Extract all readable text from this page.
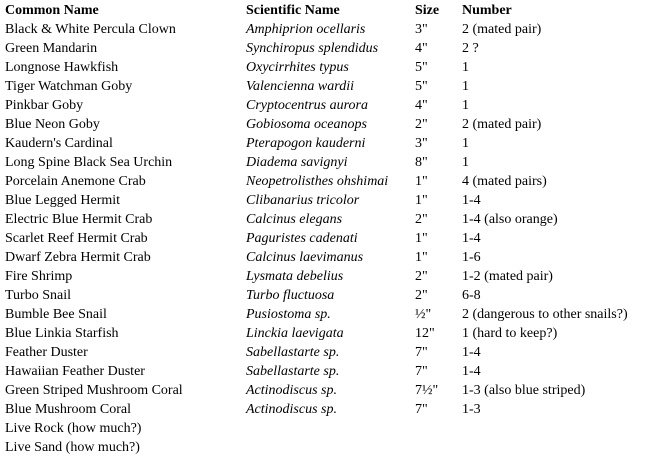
Common Name	Scientific Name	Size	Number
Black & White Percula Clown	Amphiprion ocellaris	3"	2 (mated pair)
Green Mandarin	Synchiropus splendidus	4"	2 ?
Longnose Hawkfish	Oxycirrhites typus	5"	1
Tiger Watchman Goby	Valencienna wardii	5"	1
Pinkbar Goby	Cryptocentrus aurora	4"	1
Blue Neon Goby	Gobiosoma oceanops	2"	2 (mated pair)
Kaudern's Cardinal	Pterapogon kauderni	3"	1
Long Spine Black Sea Urchin	Diadema savignyi	8"	1
Porcelain Anemone Crab	Neopetrolisthes ohshimai	1"	4 (mated pairs)
Blue Legged Hermit	Clibanarius tricolor	1"	1-4
Electric Blue Hermit Crab	Calcinus elegans	2"	1-4 (also orange)
Scarlet Reef Hermit Crab	Paguristes cadenati	1"	1-4
Dwarf Zebra Hermit Crab	Calcinus laevimanus	1"	1-6
Fire Shrimp	Lysmata debelius	2"	1-2 (mated pair)
Turbo Snail	Turbo fluctuosa	2"	6-8
Bumble Bee Snail	Pusiostoma sp.	½"	2 (dangerous to other snails?)
Blue Linkia Starfish	Linckia laevigata	12"	1 (hard to keep?)
Feather Duster	Sabellastarte sp.	7"	1-4
Hawaiian Feather Duster	Sabellastarte sp.	7"	1-4
Green Striped Mushroom Coral	Actinodiscus sp.	7½"	1-3 (also blue striped)
Blue Mushroom Coral	Actinodiscus sp.	7"	1-3
Live Rock (how much?)			
Live Sand (how much?)			
